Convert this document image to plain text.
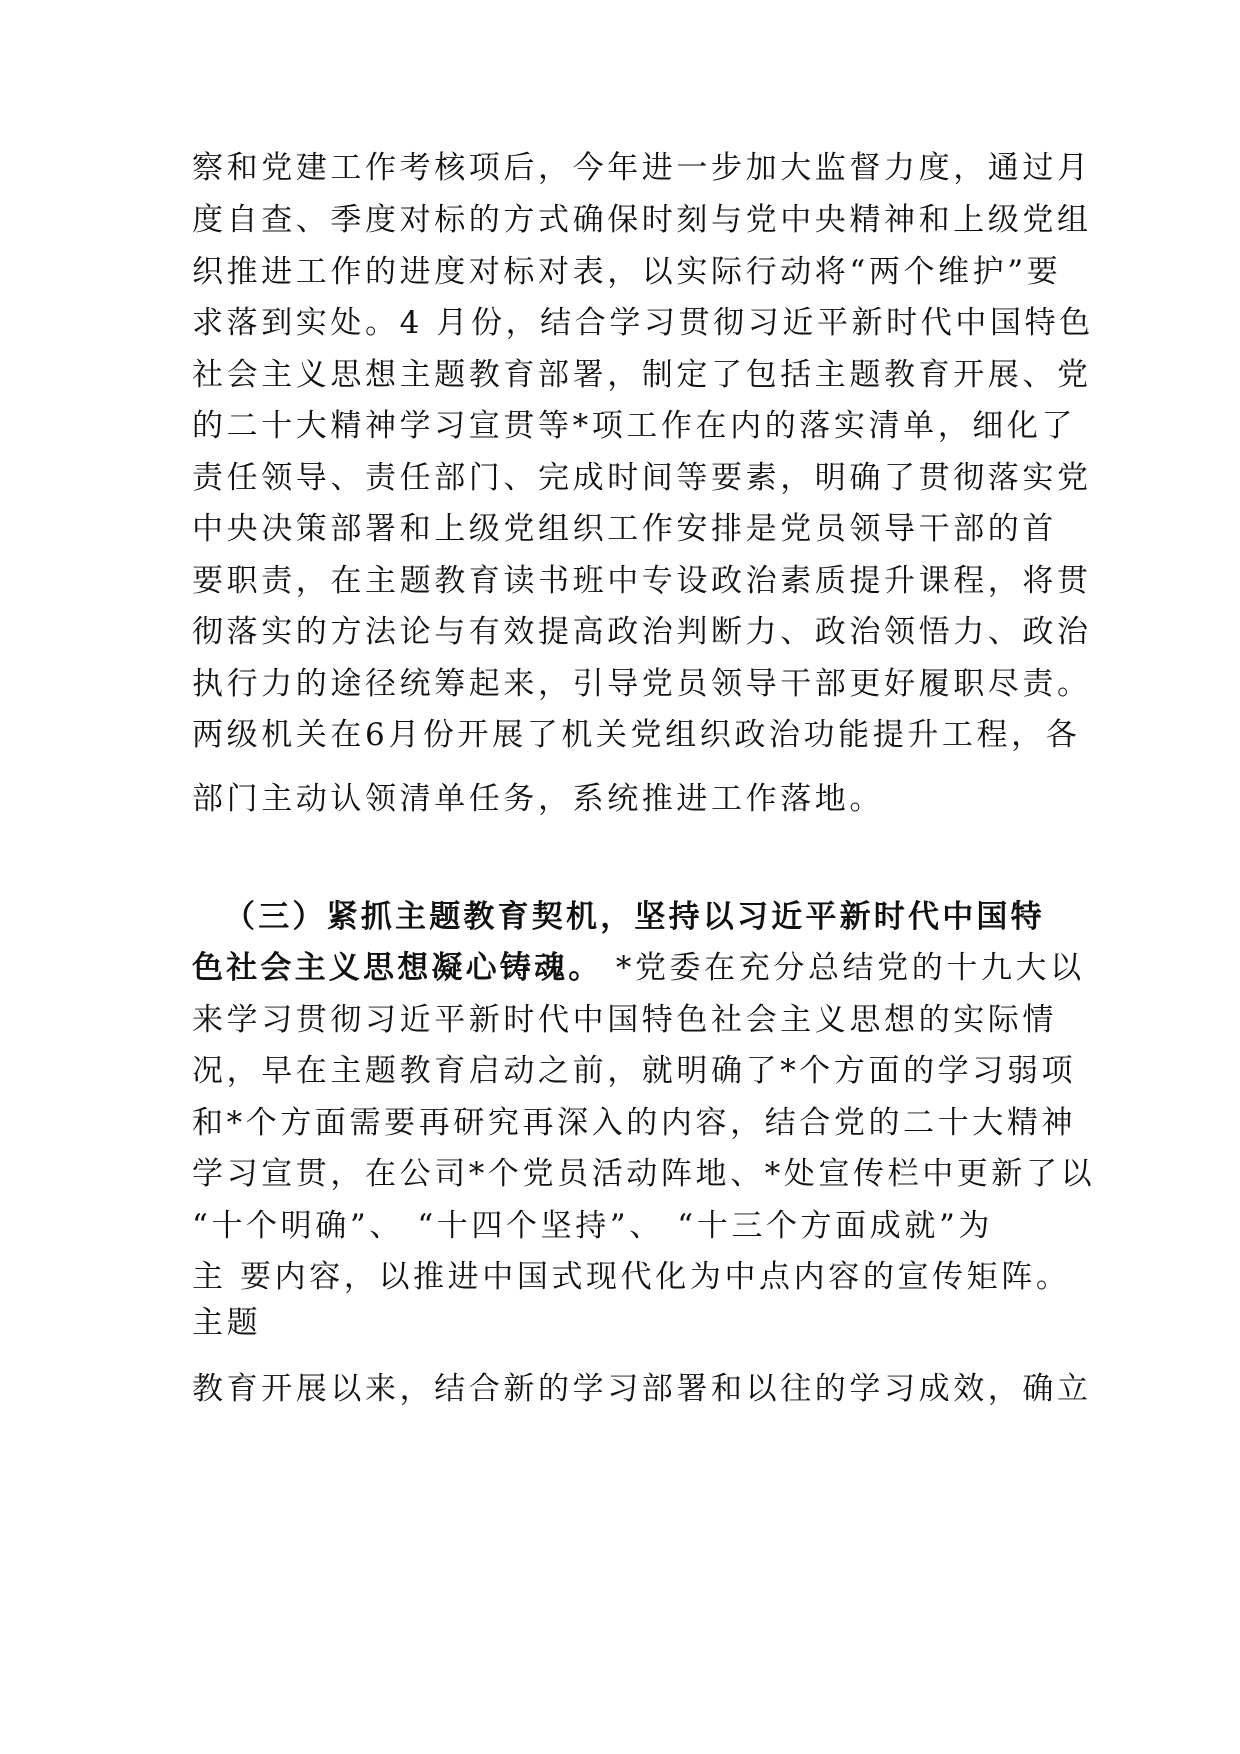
察和党建工作考核项后，今年进一步加大监督力度，通过月
度自查、季度对标的方式确保时刻与党中央精神和上级党组
织推进工作的进度对标对表，以实际行动将“两个维护”要
求落到实处。4 月份，结合学习贯彻习近平新时代中国特色
社会主义思想主题教育部署，制定了包括主题教育开展、党
的二十大精神学习宣贯等*项工作在内的落实清单，细化了
责任领导、责任部门、完成时间等要素，明确了贯彻落实党
中央决策部署和上级党组织工作安排是党员领导干部的首
要职责，在主题教育读书班中专设政治素质提升课程，将贯
彻落实的方法论与有效提高政治判断力、政治领悟力、政治
执行力的途径统筹起来，引导党员领导干部更好履职尽责。
两级机关在6月份开展了机关党组织政治功能提升工程，各
部门主动认领清单任务，系统推进工作落地。
（三）紧抓主题教育契机，坚持以习近平新时代中国特
色社会主义思想凝心铸魂。 *党委在充分总结党的十九大以
来学习贯彻习近平新时代中国特色社会主义思想的实际情
况，早在主题教育启动之前，就明确了*个方面的学习弱项
和*个方面需要再研究再深入的内容，结合党的二十大精神
学习宣贯，在公司*个党员活动阵地、*处宣传栏中更新了以
“十个明确”、 “十四个坚持”、 “十三个方面成就”为
主 要内容，以推进中国式现代化为中点内容的宣传矩阵。
主题
教育开展以来，结合新的学习部署和以往的学习成效，确立
